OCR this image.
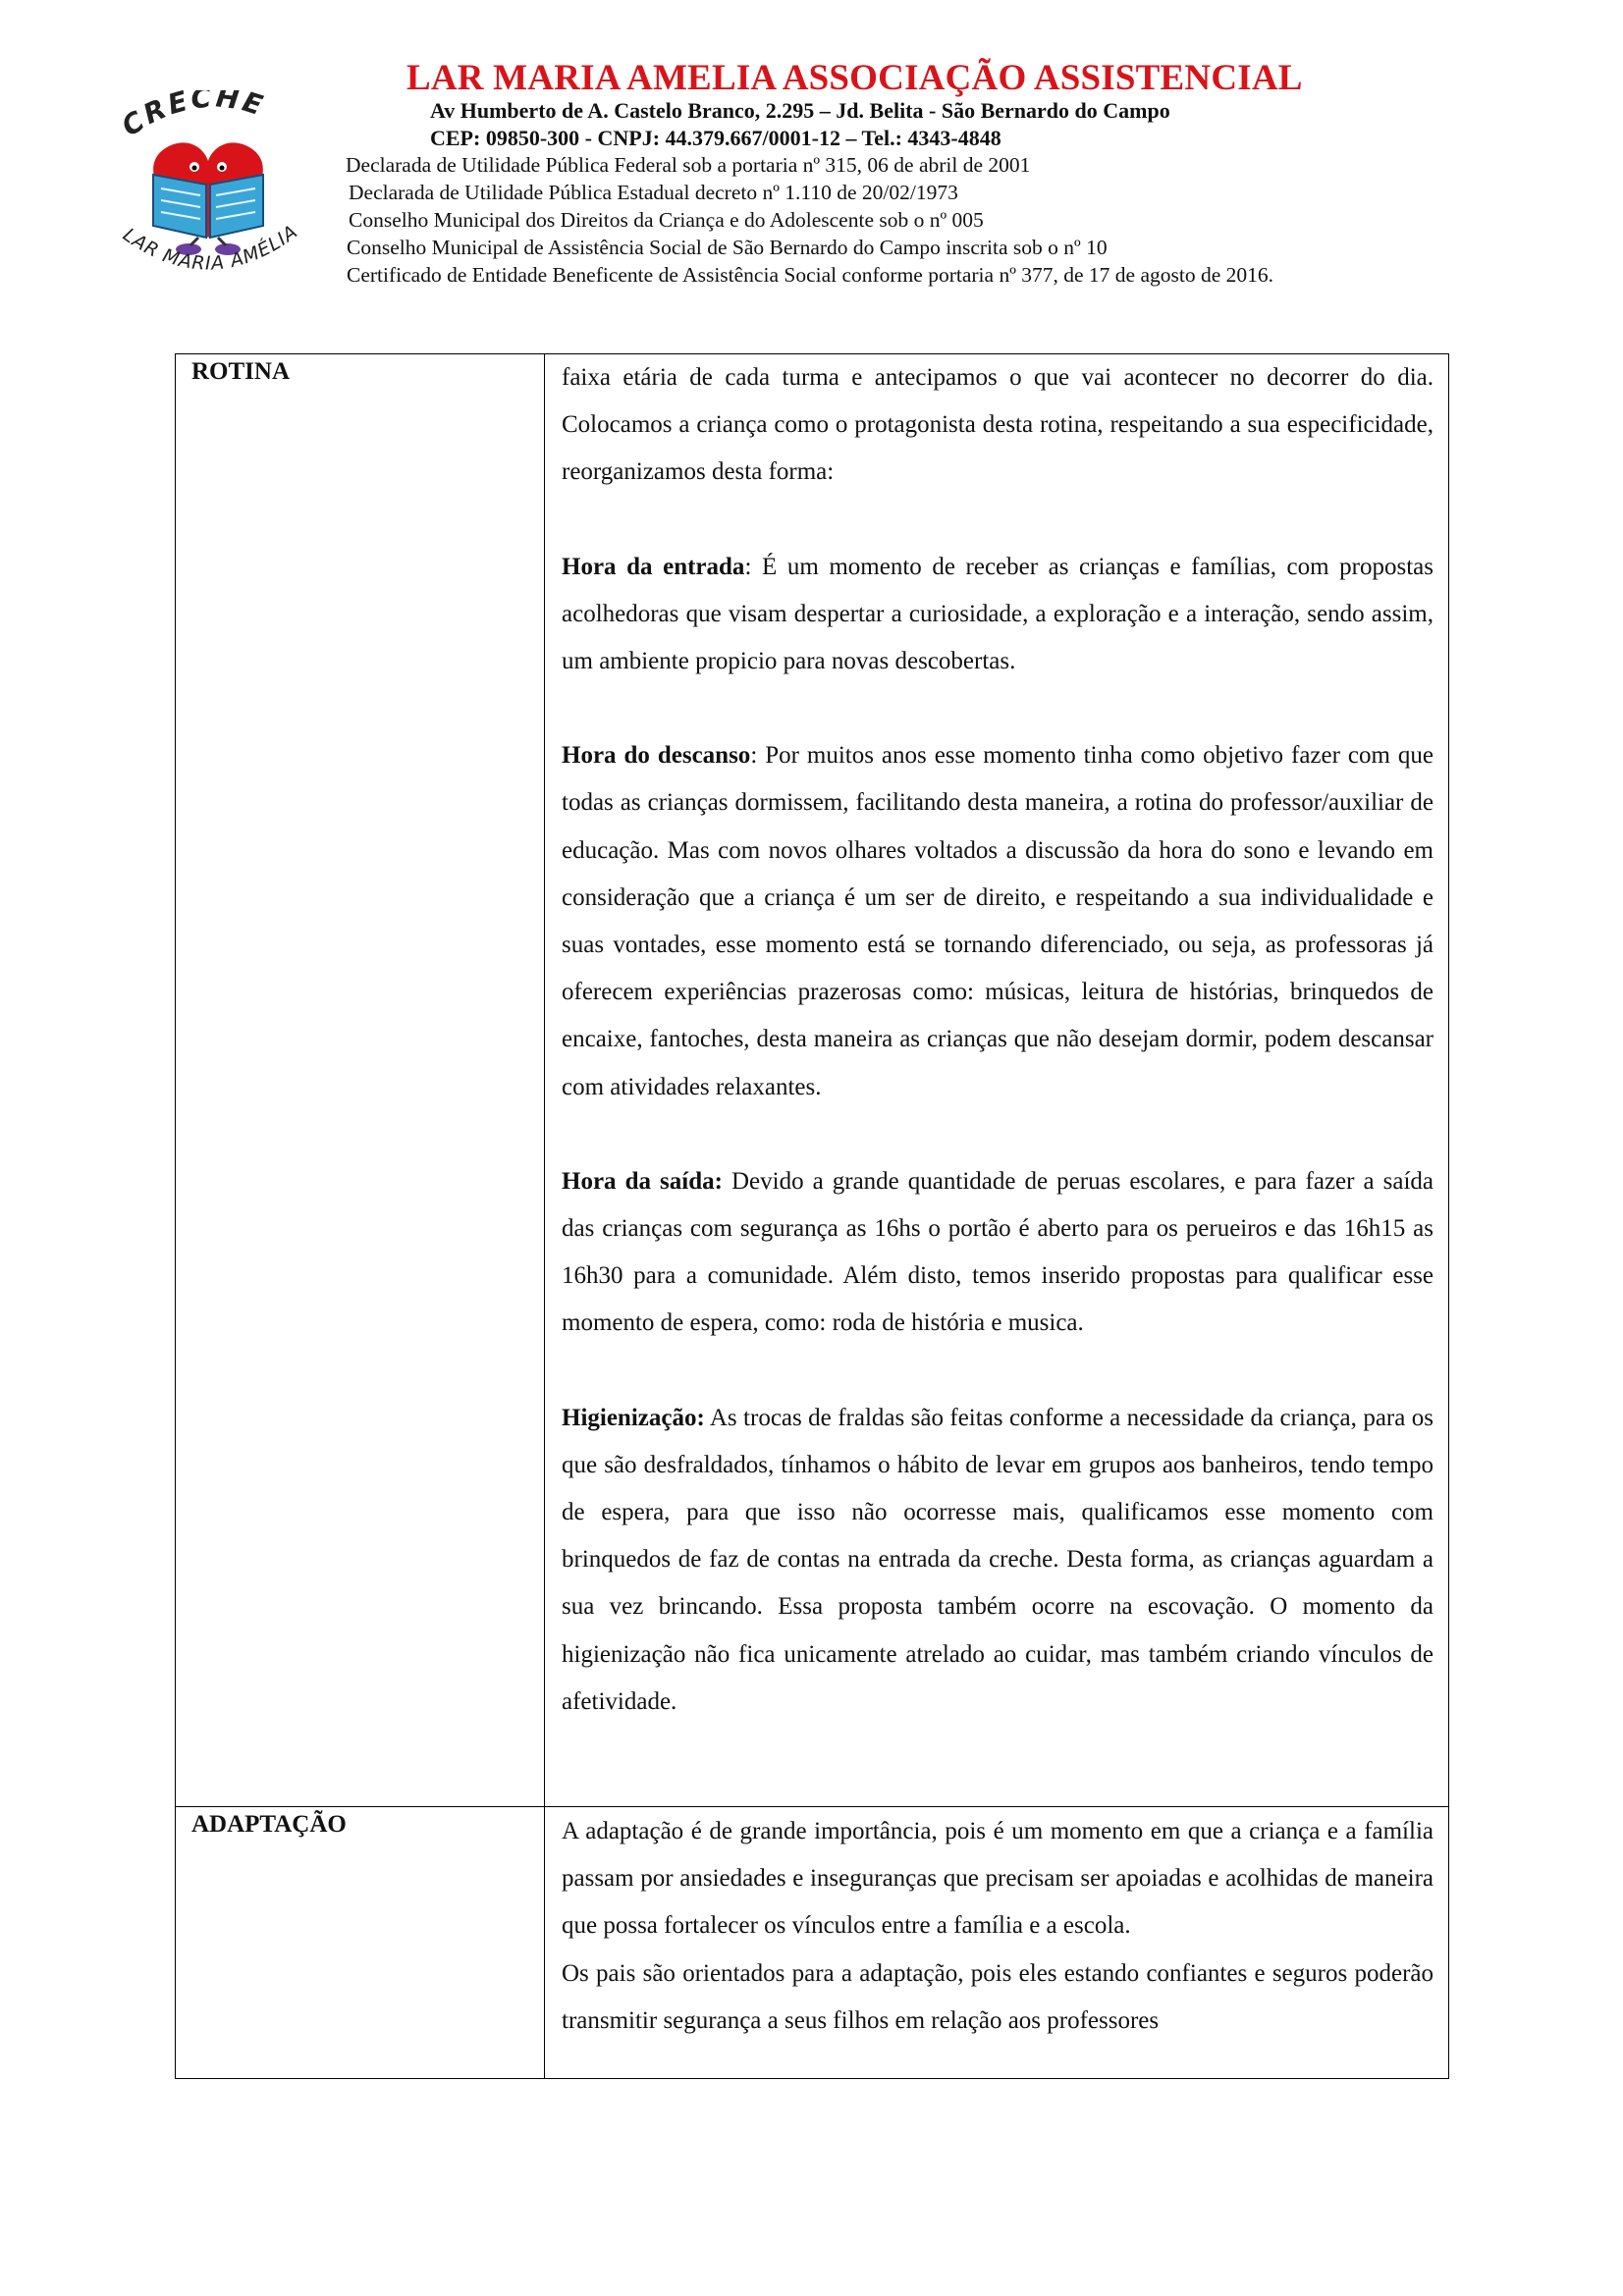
CRECHE
LAR MARIA AMÉLIA
LAR MARIA AMELIA ASSOCIAÇÃO ASSISTENCIAL
Av Humberto de A. Castelo Branco, 2.295 – Jd. Belita - São Bernardo do Campo
CEP: 09850-300 - CNPJ: 44.379.667/0001-12 – Tel.: 4343-4848
Declarada de Utilidade Pública Federal sob a portaria nº 315, 06 de abril de 2001
Declarada de Utilidade Pública Estadual decreto nº 1.110 de 20/02/1973
Conselho Municipal dos Direitos da Criança e do Adolescente sob o nº 005
Conselho Municipal de Assistência Social de São Bernardo do Campo inscrita sob o nº 10
Certificado de Entidade Beneficente de Assistência Social conforme portaria nº 377, de 17 de agosto de 2016.
ROTINA	faixa etária de cada turma e antecipamos o que vai acontecer no decorrer do dia. Colocamos a criança como o protagonista desta rotina, respeitando a sua especificidade, reorganizamos desta forma:

Hora da entrada: É um momento de receber as crianças e famílias, com propostas acolhedoras que visam despertar a curiosidade, a exploração e a interação, sendo assim, um ambiente propicio para novas descobertas.

Hora do descanso: Por muitos anos esse momento tinha como objetivo fazer com que todas as crianças dormissem, facilitando desta maneira, a rotina do professor/auxiliar de educação. Mas com novos olhares voltados a discussão da hora do sono e levando em consideração que a criança é um ser de direito, e respeitando a sua individualidade e suas vontades, esse momento está se tornando diferenciado, ou seja, as professoras já oferecem experiências prazerosas como: músicas, leitura de histórias, brinquedos de encaixe, fantoches, desta maneira as crianças que não desejam dormir, podem descansar com atividades relaxantes.

Hora da saída: Devido a grande quantidade de peruas escolares, e para fazer a saída das crianças com segurança as 16hs o portão é aberto para os perueiros e das 16h15 as 16h30 para a comunidade. Além disto, temos inserido propostas para qualificar esse momento de espera, como: roda de história e musica.

Higienização: As trocas de fraldas são feitas conforme a necessidade da criança, para os que são desfraldados, tínhamos o hábito de levar em grupos aos banheiros, tendo tempo de espera, para que isso não ocorresse mais, qualificamos esse momento com brinquedos de faz de contas na entrada da creche. Desta forma, as crianças aguardam a sua vez brincando. Essa proposta também ocorre na escovação. O momento da higienização não fica unicamente atrelado ao cuidar, mas também criando vínculos de afetividade.

ADAPTAÇÃO	A adaptação é de grande importância, pois é um momento em que a criança e a família passam por ansiedades e inseguranças que precisam ser apoiadas e acolhidas de maneira que possa fortalecer os vínculos entre a família e a escola.

Os pais são orientados para a adaptação, pois eles estando confiantes e seguros poderão transmitir segurança a seus filhos em relação aos professores
